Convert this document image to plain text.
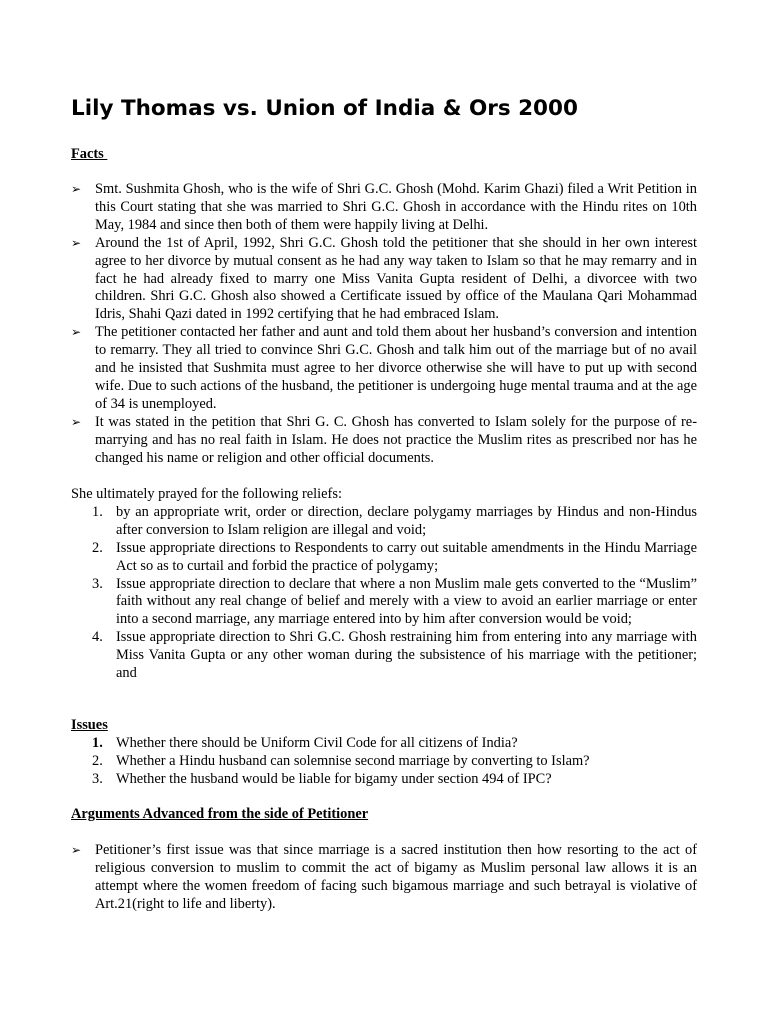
Lily Thomas vs. Union of India & Ors 2000

Facts

➢ Smt. Sushmita Ghosh, who is the wife of Shri G.C. Ghosh (Mohd. Karim Ghazi) filed a Writ Petition in this Court stating that she was married to Shri G.C. Ghosh in accordance with the Hindu rites on 10th May, 1984 and since then both of them were happily living at Delhi.
➢ Around the 1st of April, 1992, Shri G.C. Ghosh told the petitioner that she should in her own interest agree to her divorce by mutual consent as he had any way taken to Islam so that he may remarry and in fact he had already fixed to marry one Miss Vanita Gupta resident of Delhi, a divorcee with two children. Shri G.C. Ghosh also showed a Certificate issued by office of the Maulana Qari Mohammad Idris, Shahi Qazi dated in 1992 certifying that he had embraced Islam.
➢ The petitioner contacted her father and aunt and told them about her husband’s conversion and intention to remarry. They all tried to convince Shri G.C. Ghosh and talk him out of the marriage but of no avail and he insisted that Sushmita must agree to her divorce otherwise she will have to put up with second wife. Due to such actions of the husband, the petitioner is undergoing huge mental trauma and at the age of 34 is unemployed.
➢ It was stated in the petition that Shri G. C. Ghosh has converted to Islam solely for the purpose of re-marrying and has no real faith in Islam. He does not practice the Muslim rites as prescribed nor has he changed his name or religion and other official documents.

She ultimately prayed for the following reliefs:

1. by an appropriate writ, order or direction, declare polygamy marriages by Hindus and non-Hindus after conversion to Islam religion are illegal and void;
2. Issue appropriate directions to Respondents to carry out suitable amendments in the Hindu Marriage Act so as to curtail and forbid the practice of polygamy;
3. Issue appropriate direction to declare that where a non Muslim male gets converted to the “Muslim” faith without any real change of belief and merely with a view to avoid an earlier marriage or enter into a second marriage, any marriage entered into by him after conversion would be void;
4. Issue appropriate direction to Shri G.C. Ghosh restraining him from entering into any marriage with Miss Vanita Gupta or any other woman during the subsistence of his marriage with the petitioner; and

Issues

1. Whether there should be Uniform Civil Code for all citizens of India?
2. Whether a Hindu husband can solemnise second marriage by converting to Islam?
3. Whether the husband would be liable for bigamy under section 494 of IPC?

Arguments Advanced from the side of Petitioner

➢ Petitioner’s first issue was that since marriage is a sacred institution then how resorting to the act of religious conversion to muslim to commit the act of bigamy as Muslim personal law allows it is an attempt where the women freedom of facing such bigamous marriage and such betrayal is violative of Art.21(right to life and liberty).
